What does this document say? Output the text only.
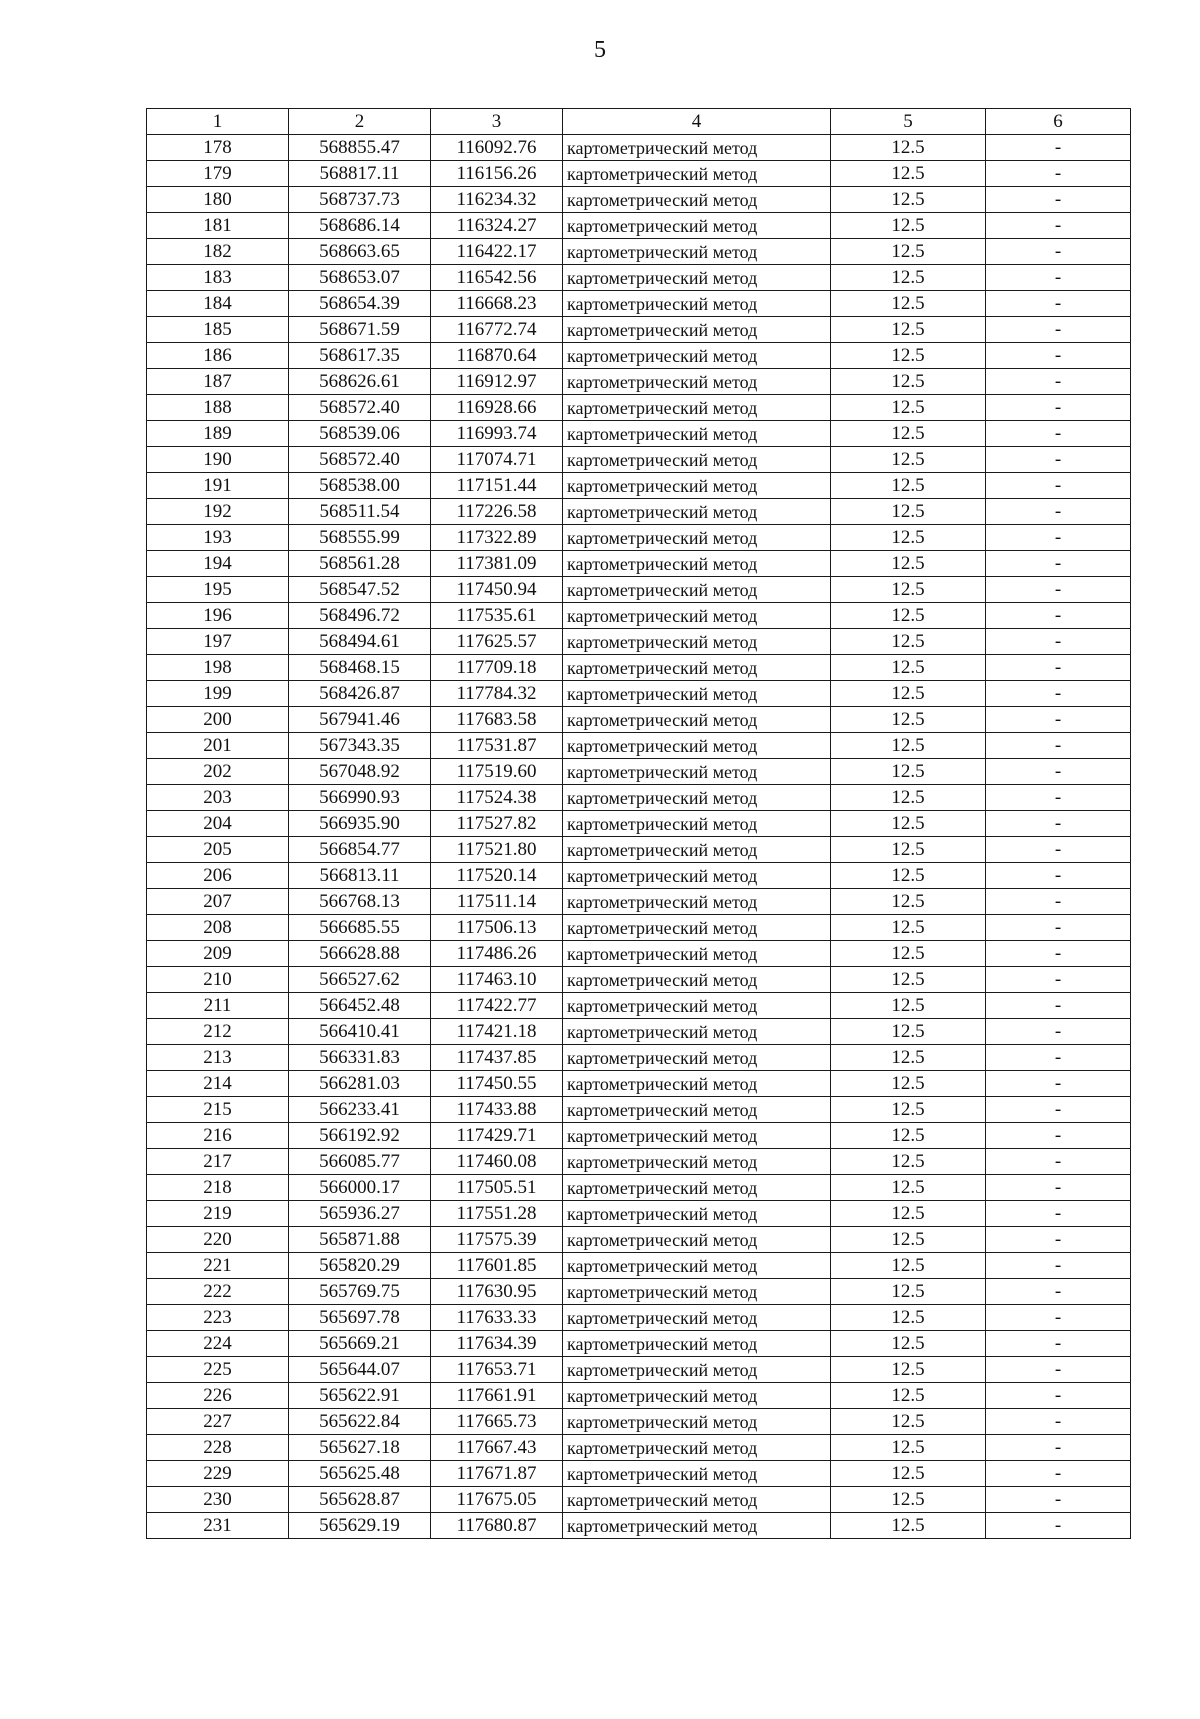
5
1	2	3	4	5	6
178	568855.47	116092.76	картометрический метод	12.5	-
179	568817.11	116156.26	картометрический метод	12.5	-
180	568737.73	116234.32	картометрический метод	12.5	-
181	568686.14	116324.27	картометрический метод	12.5	-
182	568663.65	116422.17	картометрический метод	12.5	-
183	568653.07	116542.56	картометрический метод	12.5	-
184	568654.39	116668.23	картометрический метод	12.5	-
185	568671.59	116772.74	картометрический метод	12.5	-
186	568617.35	116870.64	картометрический метод	12.5	-
187	568626.61	116912.97	картометрический метод	12.5	-
188	568572.40	116928.66	картометрический метод	12.5	-
189	568539.06	116993.74	картометрический метод	12.5	-
190	568572.40	117074.71	картометрический метод	12.5	-
191	568538.00	117151.44	картометрический метод	12.5	-
192	568511.54	117226.58	картометрический метод	12.5	-
193	568555.99	117322.89	картометрический метод	12.5	-
194	568561.28	117381.09	картометрический метод	12.5	-
195	568547.52	117450.94	картометрический метод	12.5	-
196	568496.72	117535.61	картометрический метод	12.5	-
197	568494.61	117625.57	картометрический метод	12.5	-
198	568468.15	117709.18	картометрический метод	12.5	-
199	568426.87	117784.32	картометрический метод	12.5	-
200	567941.46	117683.58	картометрический метод	12.5	-
201	567343.35	117531.87	картометрический метод	12.5	-
202	567048.92	117519.60	картометрический метод	12.5	-
203	566990.93	117524.38	картометрический метод	12.5	-
204	566935.90	117527.82	картометрический метод	12.5	-
205	566854.77	117521.80	картометрический метод	12.5	-
206	566813.11	117520.14	картометрический метод	12.5	-
207	566768.13	117511.14	картометрический метод	12.5	-
208	566685.55	117506.13	картометрический метод	12.5	-
209	566628.88	117486.26	картометрический метод	12.5	-
210	566527.62	117463.10	картометрический метод	12.5	-
211	566452.48	117422.77	картометрический метод	12.5	-
212	566410.41	117421.18	картометрический метод	12.5	-
213	566331.83	117437.85	картометрический метод	12.5	-
214	566281.03	117450.55	картометрический метод	12.5	-
215	566233.41	117433.88	картометрический метод	12.5	-
216	566192.92	117429.71	картометрический метод	12.5	-
217	566085.77	117460.08	картометрический метод	12.5	-
218	566000.17	117505.51	картометрический метод	12.5	-
219	565936.27	117551.28	картометрический метод	12.5	-
220	565871.88	117575.39	картометрический метод	12.5	-
221	565820.29	117601.85	картометрический метод	12.5	-
222	565769.75	117630.95	картометрический метод	12.5	-
223	565697.78	117633.33	картометрический метод	12.5	-
224	565669.21	117634.39	картометрический метод	12.5	-
225	565644.07	117653.71	картометрический метод	12.5	-
226	565622.91	117661.91	картометрический метод	12.5	-
227	565622.84	117665.73	картометрический метод	12.5	-
228	565627.18	117667.43	картометрический метод	12.5	-
229	565625.48	117671.87	картометрический метод	12.5	-
230	565628.87	117675.05	картометрический метод	12.5	-
231	565629.19	117680.87	картометрический метод	12.5	-
